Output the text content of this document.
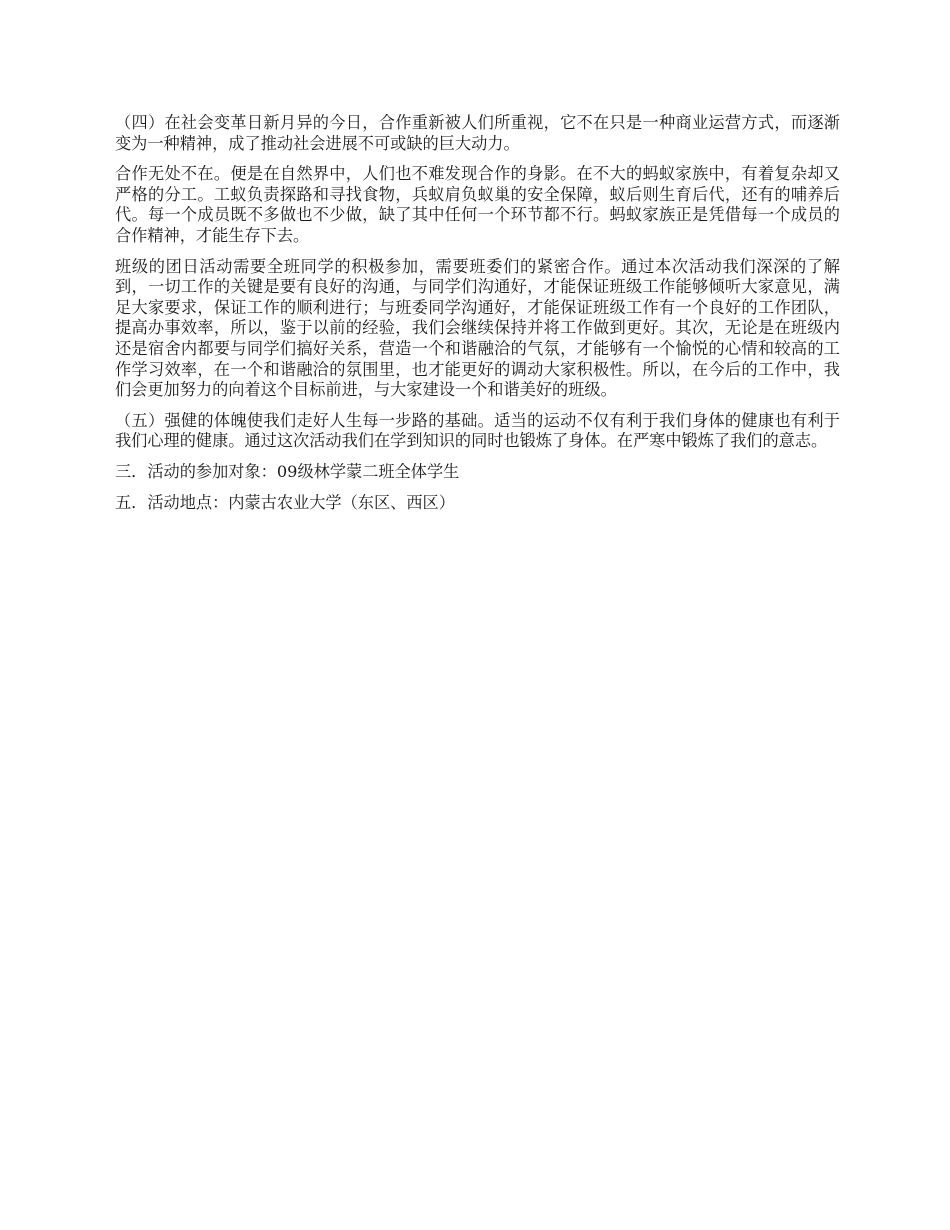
（四）在社会变革日新月异的今日，合作重新被人们所重视，它不在只是一种商业运营方式，而逐渐变为一种精神，成了推动社会进展不可或缺的巨大动力。

合作无处不在。便是在自然界中，人们也不难发现合作的身影。在不大的蚂蚁家族中，有着复杂却又严格的分工。工蚁负责探路和寻找食物，兵蚁肩负蚁巢的安全保障，蚁后则生育后代，还有的哺养后代。每一个成员既不多做也不少做，缺了其中任何一个环节都不行。蚂蚁家族正是凭借每一个成员的合作精神，才能生存下去。

班级的团日活动需要全班同学的积极参加，需要班委们的紧密合作。通过本次活动我们深深的了解到，一切工作的关键是要有良好的沟通，与同学们沟通好，才能保证班级工作能够倾听大家意见，满足大家要求，保证工作的顺利进行；与班委同学沟通好，才能保证班级工作有一个良好的工作团队，提高办事效率，所以，鉴于以前的经验，我们会继续保持并将工作做到更好。其次，无论是在班级内还是宿舍内都要与同学们搞好关系，营造一个和谐融洽的气氛，才能够有一个愉悦的心情和较高的工作学习效率，在一个和谐融洽的氛围里，也才能更好的调动大家积极性。所以，在今后的工作中，我们会更加努力的向着这个目标前进，与大家建设一个和谐美好的班级。

（五）强健的体魄使我们走好人生每一步路的基础。适当的运动不仅有利于我们身体的健康也有利于我们心理的健康。通过这次活动我们在学到知识的同时也锻炼了身体。在严寒中锻炼了我们的意志。

三．活动的参加对象：09级林学蒙二班全体学生

五．活动地点：内蒙古农业大学（东区、西区）
